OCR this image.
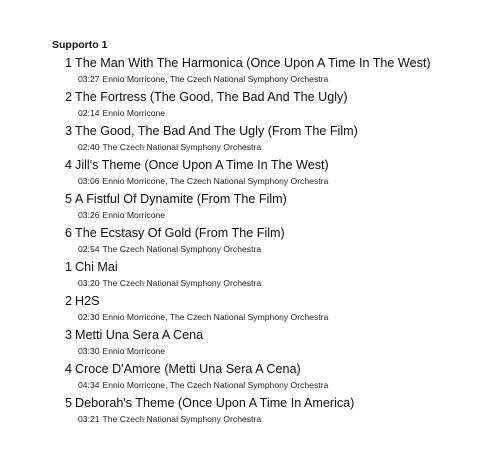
Supporto 1
1 The Man With The Harmonica (Once Upon A Time In The West)
03:27 Ennio Morricone, The Czech National Symphony Orchestra
2 The Fortress (The Good, The Bad And The Ugly)
02:14 Ennio Morricone
3 The Good, The Bad And The Ugly (From The Film)
02:40 The Czech National Symphony Orchestra
4 Jill's Theme (Once Upon A Time In The West)
03:06 Ennio Morricone, The Czech National Symphony Orchestra
5 A Fistful Of Dynamite (From The Film)
03:26 Ennio Morricone
6 The Ecstasy Of Gold (From The Film)
02:54 The Czech National Symphony Orchestra
1 Chi Mai
03:20 The Czech National Symphony Orchestra
2 H2S
02:30 Ennio Morricone, The Czech National Symphony Orchestra
3 Metti Una Sera A Cena
03:30 Ennio Morricone
4 Croce D'Amore (Metti Una Sera A Cena)
04:34 Ennio Morricone, The Czech National Symphony Orchestra
5 Deborah's Theme (Once Upon A Time In America)
03:21 The Czech National Symphony Orchestra
